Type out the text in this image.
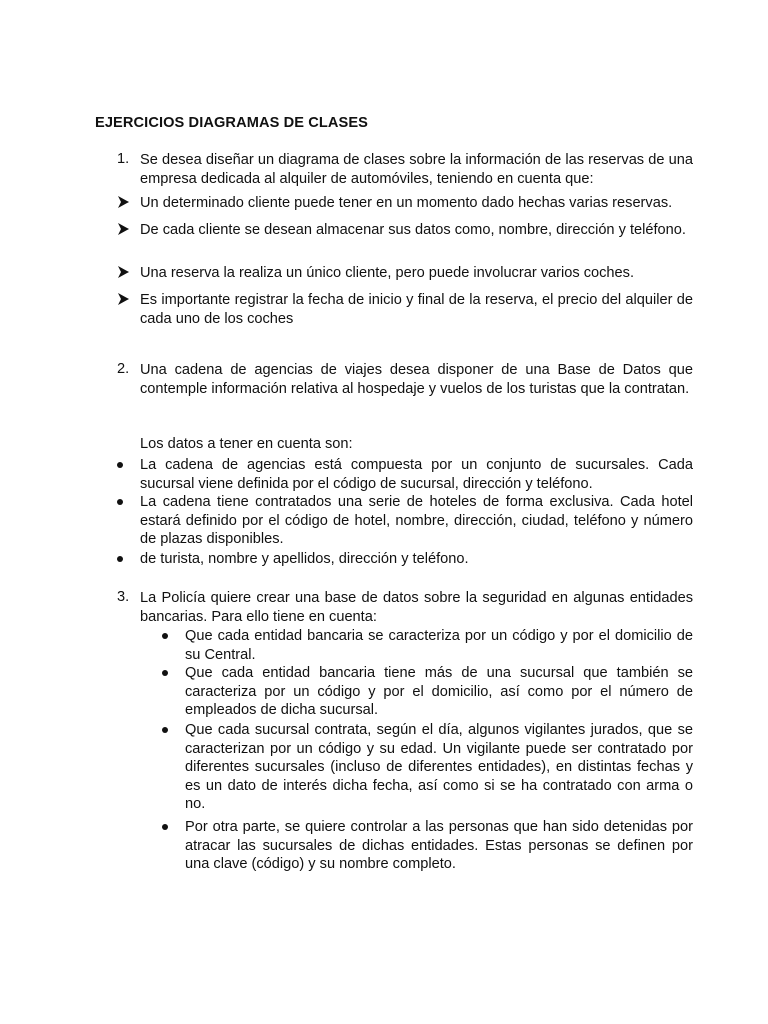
EJERCICIOS DIAGRAMAS DE CLASES
1. Se desea diseñar un diagrama de clases sobre la información de las reservas de una empresa dedicada al alquiler de automóviles, teniendo en cuenta que:
Un determinado cliente puede tener en un momento dado hechas varias reservas.
De cada cliente se desean almacenar sus datos como, nombre, dirección y teléfono.
Una reserva la realiza un único cliente, pero puede involucrar varios coches.
Es importante registrar la fecha de inicio y final de la reserva, el precio del alquiler de cada uno de los coches
2. Una cadena de agencias de viajes desea disponer de una Base de Datos que contemple información relativa al hospedaje y vuelos de los turistas que la contratan.
Los datos a tener en cuenta son:
La cadena de agencias está compuesta por un conjunto de sucursales. Cada sucursal viene definida por el código de sucursal, dirección y teléfono.
La cadena tiene contratados una serie de hoteles de forma exclusiva. Cada hotel estará definido por el código de hotel, nombre, dirección, ciudad, teléfono y número de plazas disponibles.
de turista, nombre y apellidos, dirección y teléfono.
3. La Policía quiere crear una base de datos sobre la seguridad en algunas entidades bancarias. Para ello tiene en cuenta:
Que cada entidad bancaria se caracteriza por un código y por el domicilio de su Central.
Que cada entidad bancaria tiene más de una sucursal que también se caracteriza por un código y por el domicilio, así como por el número de empleados de dicha sucursal.
Que cada sucursal contrata, según el día, algunos vigilantes jurados, que se caracterizan por un código y su edad. Un vigilante puede ser contratado por diferentes sucursales (incluso de diferentes entidades), en distintas fechas y es un dato de interés dicha fecha, así como si se ha contratado con arma o no.
Por otra parte, se quiere controlar a las personas que han sido detenidas por atracar las sucursales de dichas entidades. Estas personas se definen por una clave (código) y su nombre completo.
